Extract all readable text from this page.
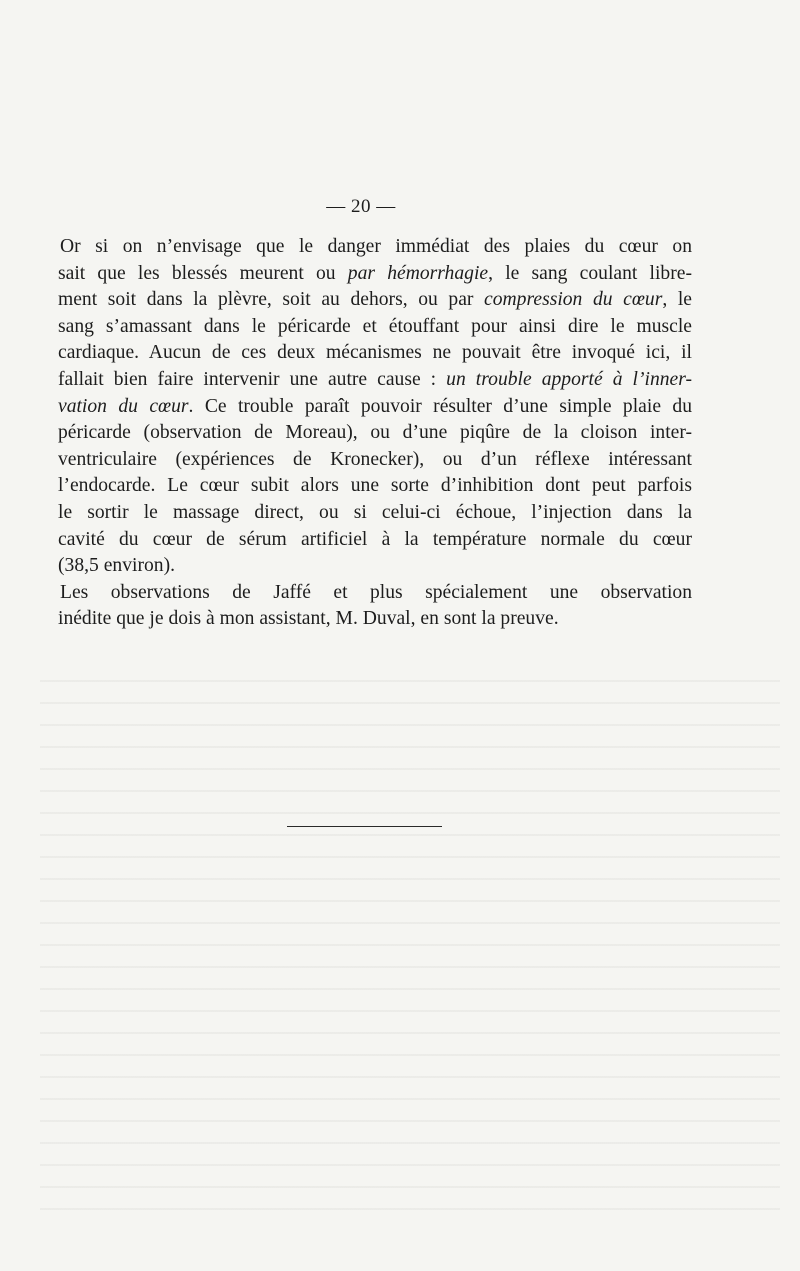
— 20 —

Or si on n’envisage que le danger immédiat des plaies du cœur on
sait que les blessés meurent ou par hémorrhagie, le sang coulant libre-
ment soit dans la plèvre, soit au dehors, ou par compression du cœur, le
sang s’amassant dans le péricarde et étouffant pour ainsi dire le muscle
cardiaque. Aucun de ces deux mécanismes ne pouvait être invoqué ici, il
fallait bien faire intervenir une autre cause : un trouble apporté à l’inner-
vation du cœur. Ce trouble paraît pouvoir résulter d’une simple plaie du
péricarde (observation de Moreau), ou d’une piqûre de la cloison inter-
ventriculaire (expériences de Kronecker), ou d’un réflexe intéressant
l’endocarde. Le cœur subit alors une sorte d’inhibition dont peut parfois
le sortir le massage direct, ou si celui-ci échoue, l’injection dans la
cavité du cœur de sérum artificiel à la température normale du cœur
(38,5 environ).

Les observations de Jaffé et plus spécialement une observation
inédite que je dois à mon assistant, M. Duval, en sont la preuve.
